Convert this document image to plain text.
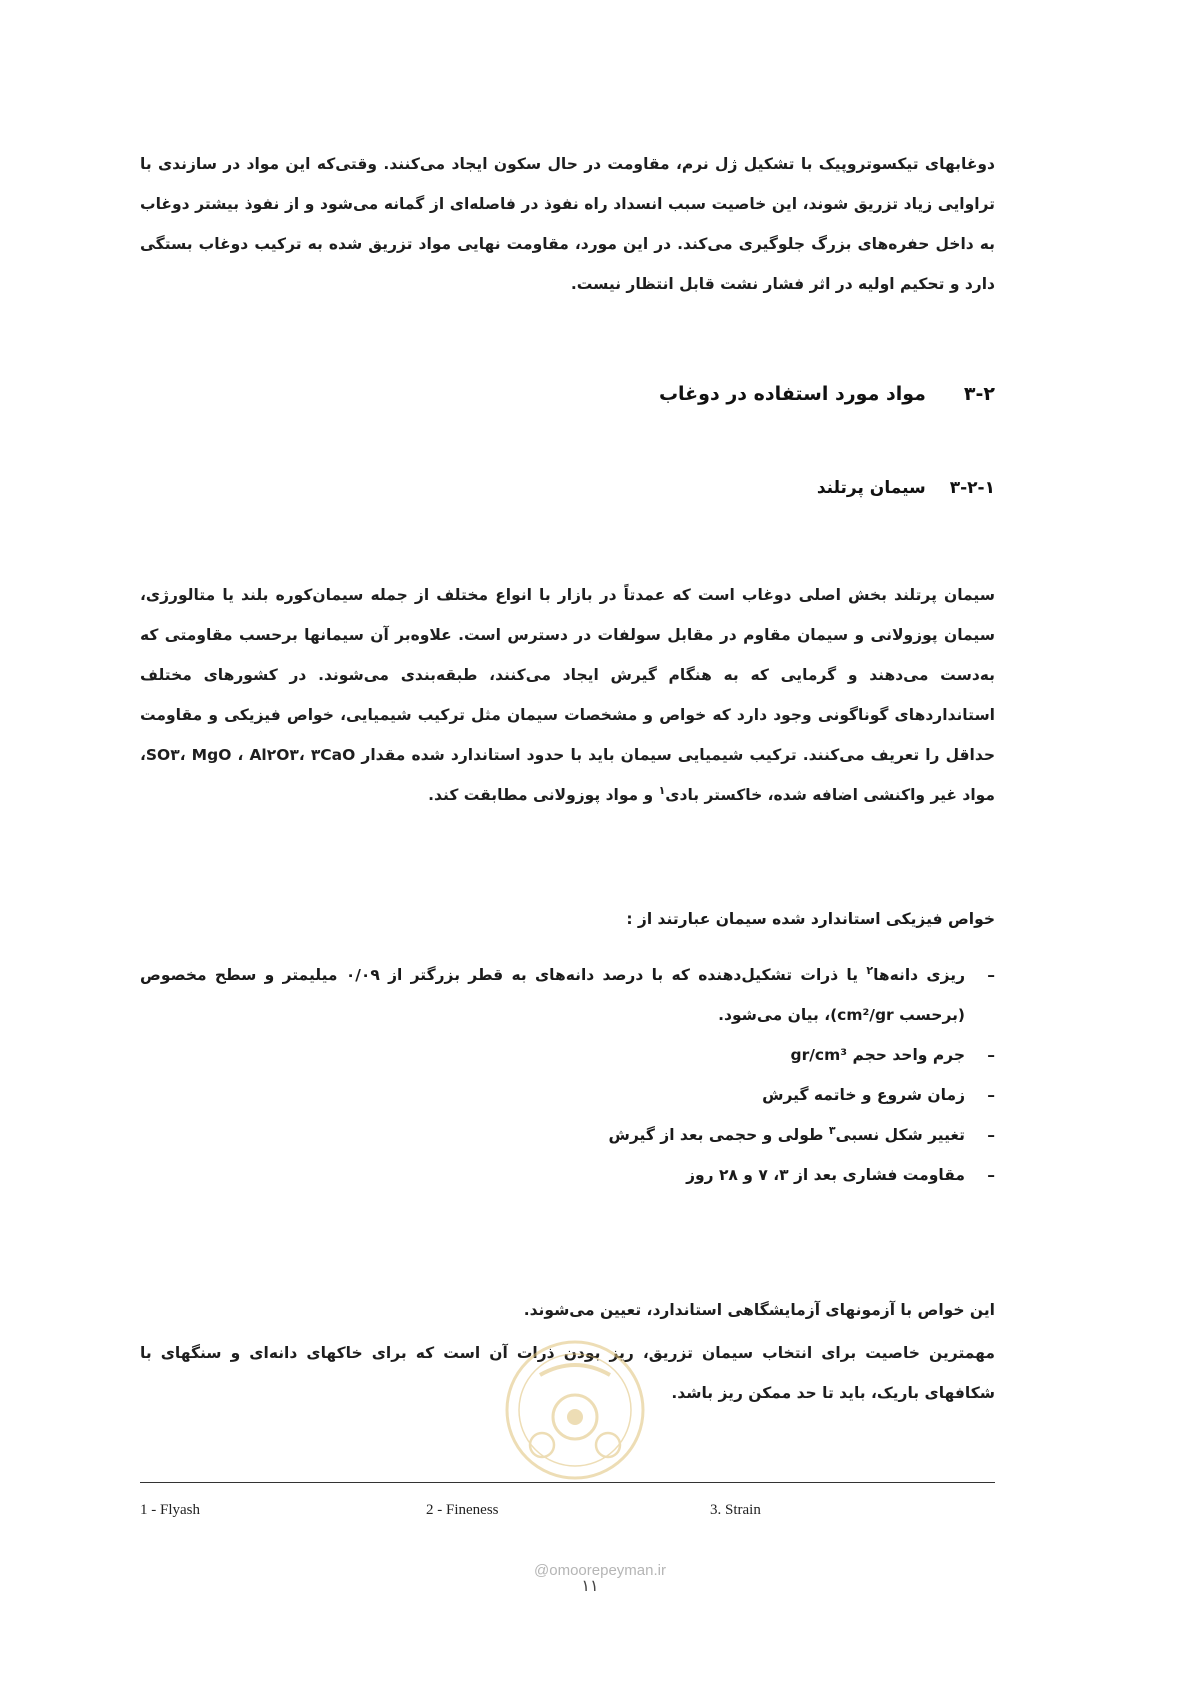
دوغابهای تیکسوتروپیک با تشکیل ژل نرم، مقاومت در حال سکون ایجاد می‌کنند. وقتی‌که این مواد در سازندی با تراوایی زیاد تزریق شوند، این خاصیت سبب انسداد راه نفوذ در فاصله‌ای از گمانه می‌شود و از نفوذ بیشتر دوغاب به داخل حفره‌های بزرگ جلوگیری می‌کند. در این مورد، مقاومت نهایی مواد تزریق شده به ترکیب دوغاب بستگی دارد و تحکیم اولیه در اثر فشار نشت قابل انتظار نیست.

۳-۲مواد مورد استفاده در دوغاب
۳-۲-۱سیمان پرتلند

سیمان پرتلند بخش اصلی دوغاب است که عمدتاً در بازار با انواع مختلف از جمله سیمان‌کوره بلند یا متالورژی، سیمان پوزولانی و سیمان مقاوم در مقابل سولفات در دسترس است. علاوه‌بر آن سیمانها برحسب مقاومتی که به‌دست می‌دهند و گرمایی که به هنگام گیرش ایجاد می‌کنند، طبقه‌بندی می‌شوند. در کشورهای مختلف استانداردهای گوناگونی وجود دارد که خواص و مشخصات سیمان مثل ترکیب شیمیایی، خواص فیزیکی و مقاومت حداقل را تعریف می‌کنند. ترکیب شیمیایی سیمان باید با حدود استاندارد شده مقدار SO۳، MgO ، Al۲O۳، ۳CaO، مواد غیر واکنشی اضافه شده، خاکستر بادی$^۱$ و مواد پوزولانی مطابقت کند.

خواص فیزیکی استاندارد شده سیمان عبارتند از :
–
ریزی دانه‌ها$^۲$ یا ذرات تشکیل‌دهنده که با درصد دانه‌های به قطر بزرگتر از ۰/۰۹ میلیمتر و سطح مخصوص (برحسب cm²/gr)، بیان می‌شود.
–
جرم واحد حجم gr/cm³
–
زمان شروع و خاتمه گیرش
–
تغییر شکل نسبی$^۳$ طولی و حجمی بعد از گیرش
–
مقاومت فشاری بعد از ۳، ۷ و ۲۸ روز

این خواص با آزمونهای آزمایشگاهی استاندارد، تعیین می‌شوند.

مهمترین خاصیت برای انتخاب سیمان تزریق، ریز بودن ذرات آن است که برای خاکهای دانه‌ای و سنگهای با شکافهای باریک، باید تا حد ممکن ریز باشد.

1 - Flyash	2 - Fineness	3. Strain
@omoorepeyman.ir
۱۱
